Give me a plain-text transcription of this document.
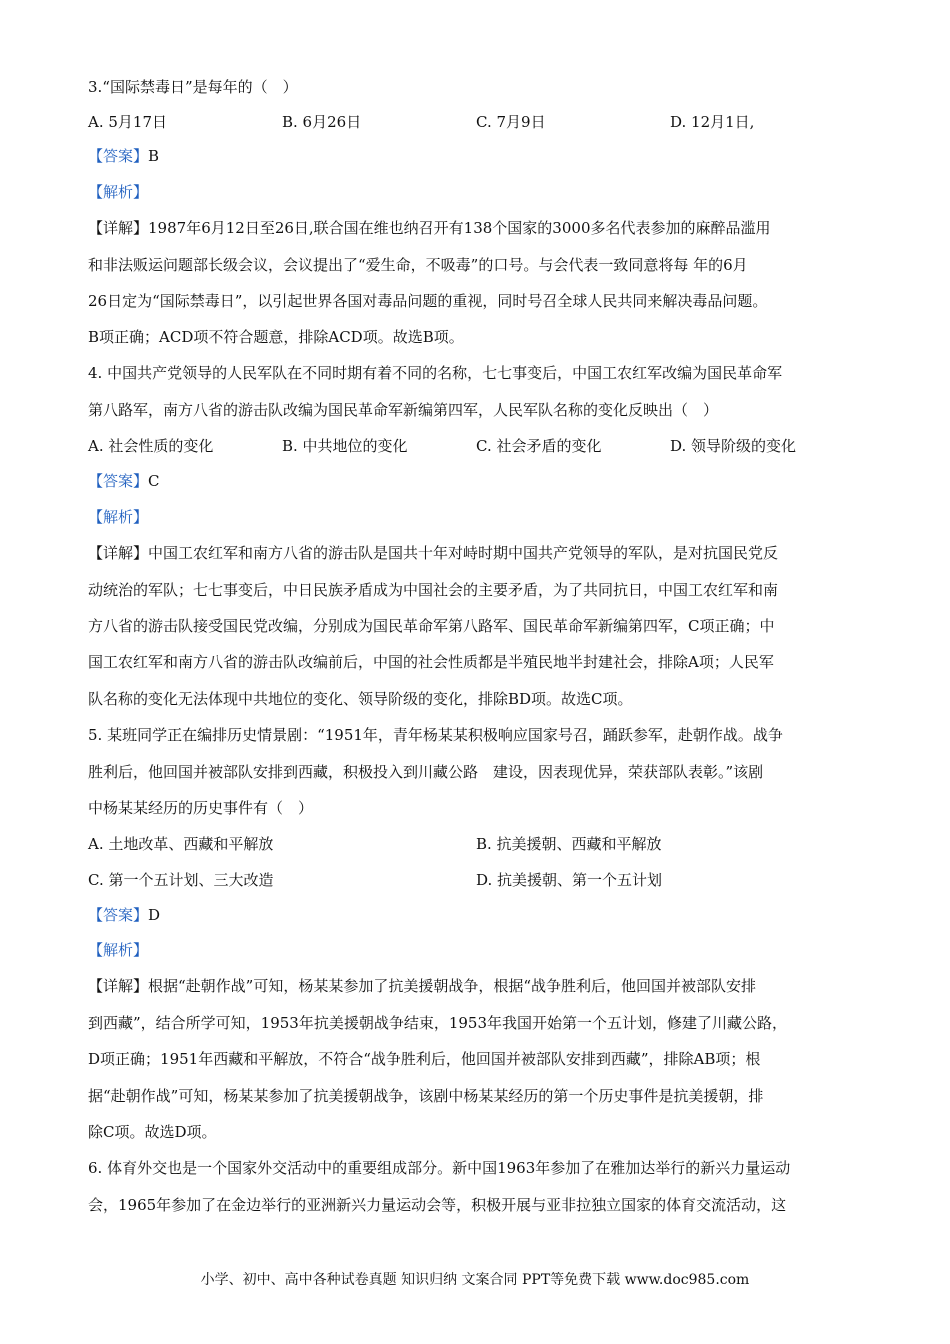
3.“国际禁毒日”是每年的（　）
A. 5月17日	B. 6月26日	C. 7月9日	D. 12月1日,
【答案】B
【解析】
【详解】1987年6月12日至26日,联合国在维也纳召开有138个国家的3000多名代表参加的麻醉品滥用
和非法贩运问题部长级会议，会议提出了“爱生命，不吸毒”的口号。与会代表一致同意将每 年的6月
26日定为“国际禁毒日”，以引起世界各国对毒品问题的重视，同时号召全球人民共同来解决毒品问题。
B项正确；ACD项不符合题意，排除ACD项。故选B项。
4. 中国共产党领导的人民军队在不同时期有着不同的名称，七七事变后，中国工农红军改编为国民革命军
第八路军，南方八省的游击队改编为国民革命军新编第四军，人民军队名称的变化反映出（　）
A. 社会性质的变化	B. 中共地位的变化	C. 社会矛盾的变化	D. 领导阶级的变化
【答案】C
【解析】
【详解】中国工农红军和南方八省的游击队是国共十年对峙时期中国共产党领导的军队，是对抗国民党反
动统治的军队；七七事变后，中日民族矛盾成为中国社会的主要矛盾，为了共同抗日，中国工农红军和南
方八省的游击队接受国民党改编，分别成为国民革命军第八路军、国民革命军新编第四军，C项正确；中
国工农红军和南方八省的游击队改编前后，中国的社会性质都是半殖民地半封建社会，排除A项；人民军
队名称的变化无法体现中共地位的变化、领导阶级的变化，排除BD项。故选C项。
5. 某班同学正在编排历史情景剧：“1951年，青年杨某某积极响应国家号召，踊跃参军，赴朝作战。战争
胜利后，他回国并被部队安排到西藏，积极投入到川藏公路　建设，因表现优异，荣获部队表彰。”该剧
中杨某某经历的历史事件有（　）
A. 土地改革、西藏和平解放	B. 抗美援朝、西藏和平解放
C. 第一个五计划、三大改造	D. 抗美援朝、第一个五计划
【答案】D
【解析】
【详解】根据“赴朝作战”可知，杨某某参加了抗美援朝战争，根据“战争胜利后，他回国并被部队安排
到西藏”，结合所学可知，1953年抗美援朝战争结束，1953年我国开始第一个五计划，修建了川藏公路，
D项正确；1951年西藏和平解放，不符合“战争胜利后，他回国并被部队安排到西藏”，排除AB项；根
据“赴朝作战”可知，杨某某参加了抗美援朝战争，该剧中杨某某经历的第一个历史事件是抗美援朝，排
除C项。故选D项。
6. 体育外交也是一个国家外交活动中的重要组成部分。新中国1963年参加了在雅加达举行的新兴力量运动
会，1965年参加了在金边举行的亚洲新兴力量运动会等，积极开展与亚非拉独立国家的体育交流活动，这
小学、初中、高中各种试卷真题 知识归纳 文案合同 PPT等免费下载 www.doc985.com
